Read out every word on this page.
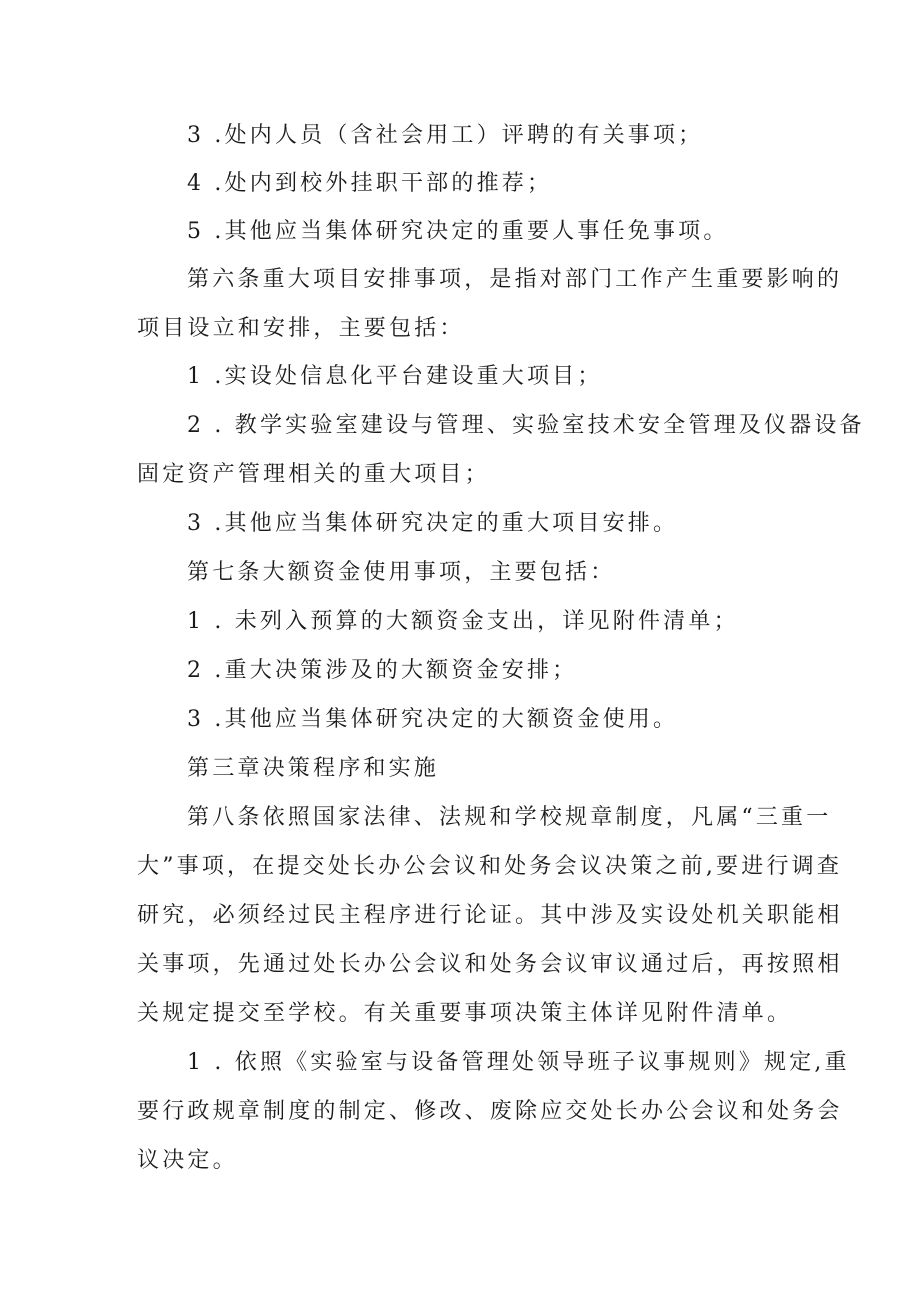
3 .处内人员（含社会用工）评聘的有关事项；
4 .处内到校外挂职干部的推荐；
5 .其他应当集体研究决定的重要人事任免事项。
第六条重大项目安排事项，是指对部门工作产生重要影响的
项目设立和安排，主要包括：
1 .实设处信息化平台建设重大项目；
2 . 教学实验室建设与管理、实验室技术安全管理及仪器设备
固定资产管理相关的重大项目；
3 .其他应当集体研究决定的重大项目安排。
第七条大额资金使用事项，主要包括：
1 . 未列入预算的大额资金支出，详见附件清单；
2 .重大决策涉及的大额资金安排；
3 .其他应当集体研究决定的大额资金使用。
第三章决策程序和实施
第八条依照国家法律、法规和学校规章制度，凡属“三重一
大”事项，在提交处长办公会议和处务会议决策之前,要进行调查
研究，必须经过民主程序进行论证。其中涉及实设处机关职能相
关事项，先通过处长办公会议和处务会议审议通过后，再按照相
关规定提交至学校。有关重要事项决策主体详见附件清单。
1 . 依照《实验室与设备管理处领导班子议事规则》规定,重
要行政规章制度的制定、修改、废除应交处长办公会议和处务会
议决定。
